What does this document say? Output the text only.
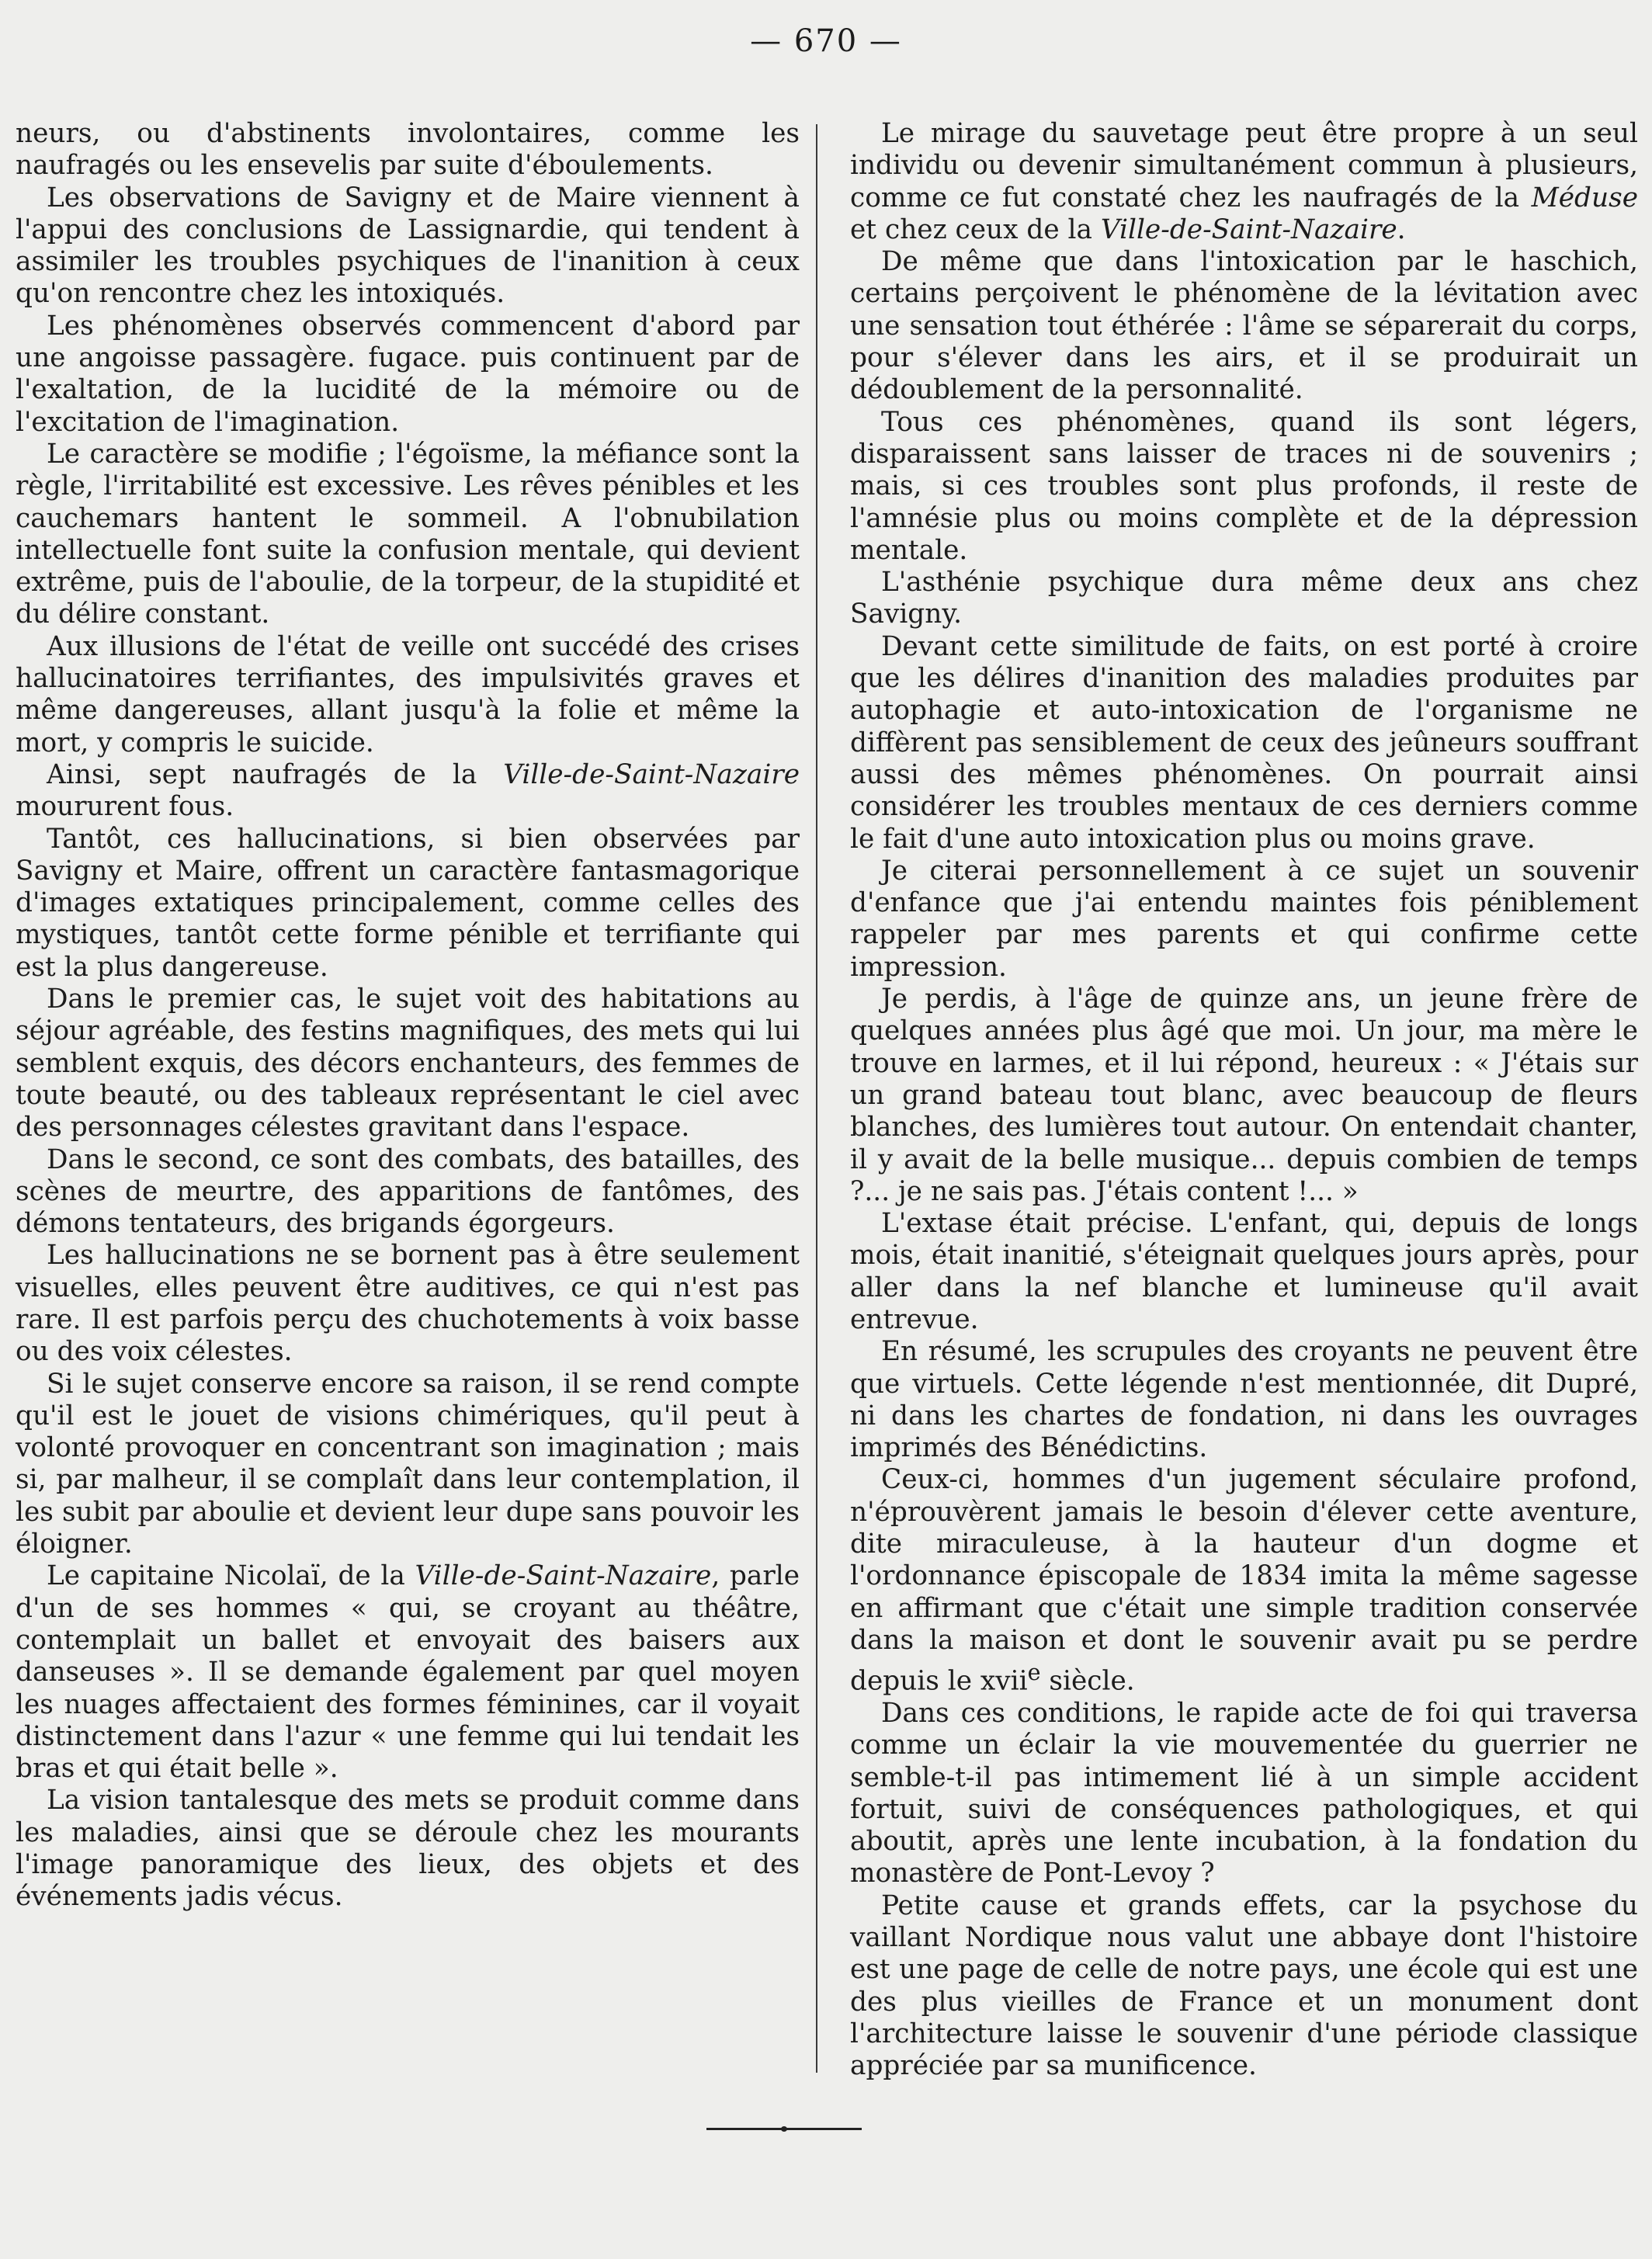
— 670 —

neurs, ou d'abstinents involontaires, comme les naufragés ou les ensevelis par suite d'éboulements.

Les observations de Savigny et de Maire viennent à l'appui des conclusions de Lassignardie, qui tendent à assimiler les troubles psychiques de l'inanition à ceux qu'on rencontre chez les intoxiqués.

Les phénomènes observés commencent d'abord par une angoisse passagère. fugace. puis continuent par de l'exaltation, de la lucidité de la mémoire ou de l'excitation de l'imagination.

Le caractère se modifie ; l'égoïsme, la méfiance sont la règle, l'irritabilité est excessive. Les rêves pénibles et les cauchemars hantent le sommeil. A l'obnubilation intellectuelle font suite la confusion mentale, qui devient extrême, puis de l'aboulie, de la torpeur, de la stupidité et du délire constant.

Aux illusions de l'état de veille ont succédé des crises hallucinatoires terrifiantes, des impulsivités graves et même dangereuses, allant jusqu'à la folie et même la mort, y compris le suicide.

Ainsi, sept naufragés de la Ville-de-Saint-Nazaire moururent fous.

Tantôt, ces hallucinations, si bien observées par Savigny et Maire, offrent un caractère fantasmagorique d'images extatiques principalement, comme celles des mystiques, tantôt cette forme pénible et terrifiante qui est la plus dangereuse.

Dans le premier cas, le sujet voit des habitations au séjour agréable, des festins magnifiques, des mets qui lui semblent exquis, des décors enchanteurs, des femmes de toute beauté, ou des tableaux représentant le ciel avec des personnages célestes gravitant dans l'espace.

Dans le second, ce sont des combats, des batailles, des scènes de meurtre, des apparitions de fantômes, des démons tentateurs, des brigands égorgeurs.

Les hallucinations ne se bornent pas à être seulement visuelles, elles peuvent être auditives, ce qui n'est pas rare. Il est parfois perçu des chuchotements à voix basse ou des voix célestes.

Si le sujet conserve encore sa raison, il se rend compte qu'il est le jouet de visions chimériques, qu'il peut à volonté provoquer en concentrant son imagination ; mais si, par malheur, il se complaît dans leur contemplation, il les subit par aboulie et devient leur dupe sans pouvoir les éloigner.

Le capitaine Nicolaï, de la Ville-de-Saint-Nazaire, parle d'un de ses hommes « qui, se croyant au théâtre, contemplait un ballet et envoyait des baisers aux danseuses ». Il se demande également par quel moyen les nuages affectaient des formes féminines, car il voyait distinctement dans l'azur « une femme qui lui tendait les bras et qui était belle ».

La vision tantalesque des mets se produit comme dans les maladies, ainsi que se déroule chez les mourants l'image panoramique des lieux, des objets et des événements jadis vécus.

Le mirage du sauvetage peut être propre à un seul individu ou devenir simultanément commun à plusieurs, comme ce fut constaté chez les naufragés de la Méduse et chez ceux de la Ville-de-Saint-Nazaire.

De même que dans l'intoxication par le haschich, certains perçoivent le phénomène de la lévitation avec une sensation tout éthérée : l'âme se séparerait du corps, pour s'élever dans les airs, et il se produirait un dédoublement de la personnalité.

Tous ces phénomènes, quand ils sont légers, disparaissent sans laisser de traces ni de souvenirs ; mais, si ces troubles sont plus profonds, il reste de l'amnésie plus ou moins complète et de la dépression mentale.

L'asthénie psychique dura même deux ans chez Savigny.

Devant cette similitude de faits, on est porté à croire que les délires d'inanition des maladies produites par autophagie et auto-intoxication de l'organisme ne diffèrent pas sensiblement de ceux des jeûneurs souffrant aussi des mêmes phénomènes. On pourrait ainsi considérer les troubles mentaux de ces derniers comme le fait d'une auto intoxication plus ou moins grave.

Je citerai personnellement à ce sujet un souvenir d'enfance que j'ai entendu maintes fois péniblement rappeler par mes parents et qui confirme cette impression.

Je perdis, à l'âge de quinze ans, un jeune frère de quelques années plus âgé que moi. Un jour, ma mère le trouve en larmes, et il lui répond, heureux : « J'étais sur un grand bateau tout blanc, avec beaucoup de fleurs blanches, des lumières tout autour. On entendait chanter, il y avait de la belle musique... depuis combien de temps ?... je ne sais pas. J'étais content !... »

L'extase était précise. L'enfant, qui, depuis de longs mois, était inanitié, s'éteignait quelques jours après, pour aller dans la nef blanche et lumineuse qu'il avait entrevue.

En résumé, les scrupules des croyants ne peuvent être que virtuels. Cette légende n'est mentionnée, dit Dupré, ni dans les chartes de fondation, ni dans les ouvrages imprimés des Bénédictins.

Ceux-ci, hommes d'un jugement séculaire profond, n'éprouvèrent jamais le besoin d'élever cette aventure, dite miraculeuse, à la hauteur d'un dogme et l'ordonnance épiscopale de 1834 imita la même sagesse en affirmant que c'était une simple tradition conservée dans la maison et dont le souvenir avait pu se perdre depuis le xvii$^e$ siècle.

Dans ces conditions, le rapide acte de foi qui traversa comme un éclair la vie mouvementée du guerrier ne semble-t-il pas intimement lié à un simple accident fortuit, suivi de conséquences pathologiques, et qui aboutit, après une lente incubation, à la fondation du monastère de Pont-Levoy ?

Petite cause et grands effets, car la psychose du vaillant Nordique nous valut une abbaye dont l'histoire est une page de celle de notre pays, une école qui est une des plus vieilles de France et un monument dont l'architecture laisse le souvenir d'une période classique appréciée par sa munificence.
